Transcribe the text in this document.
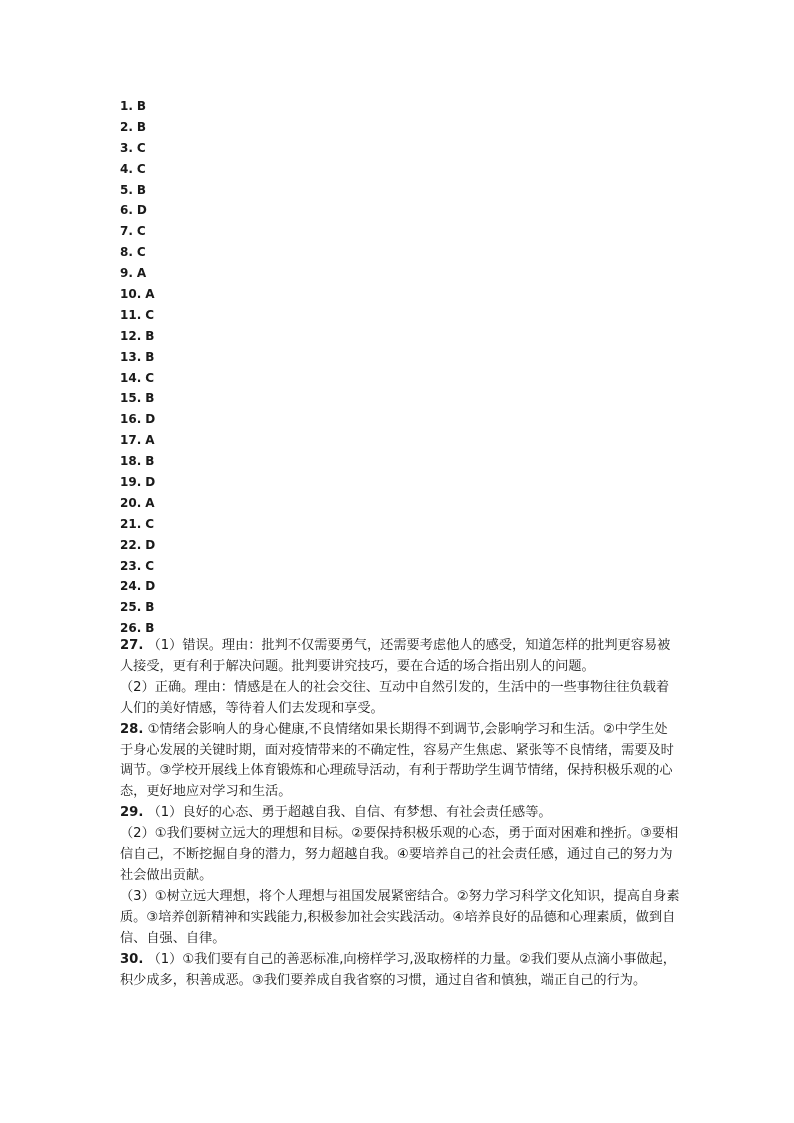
1. B
2. B
3. C
4. C
5. B
6. D
7. C
8. C
9. A
10. A
11. C
12. B
13. B
14. C
15. B
16. D
17. A
18. B
19. D
20. A
21. C
22. D
23. C
24. D
25. B
26. B

27. （1）错误。理由：批判不仅需要勇气，还需要考虑他人的感受，知道怎样的批判更容易被人接受，更有利于解决问题。批判要讲究技巧，要在合适的场合指出别人的问题。

（2）正确。理由：情感是在人的社会交往、互动中自然引发的，生活中的一些事物往往负载着人们的美好情感，等待着人们去发现和享受。

28. ①情绪会影响人的身心健康,不良情绪如果长期得不到调节,会影响学习和生活。②中学生处于身心发展的关键时期，面对疫情带来的不确定性，容易产生焦虑、紧张等不良情绪，需要及时调节。③学校开展线上体育锻炼和心理疏导活动，有利于帮助学生调节情绪，保持积极乐观的心态，更好地应对学习和生活。

29. （1）良好的心态、勇于超越自我、自信、有梦想、有社会责任感等。

（2）①我们要树立远大的理想和目标。②要保持积极乐观的心态，勇于面对困难和挫折。③要相信自己，不断挖掘自身的潜力，努力超越自我。④要培养自己的社会责任感，通过自己的努力为社会做出贡献。

（3）①树立远大理想，将个人理想与祖国发展紧密结合。②努力学习科学文化知识，提高自身素质。③培养创新精神和实践能力,积极参加社会实践活动。④培养良好的品德和心理素质，做到自信、自强、自律。

30. （1）①我们要有自己的善恶标准,向榜样学习,汲取榜样的力量。②我们要从点滴小事做起，积少成多，积善成恶。③我们要养成自我省察的习惯，通过自省和慎独，端正自己的行为。
